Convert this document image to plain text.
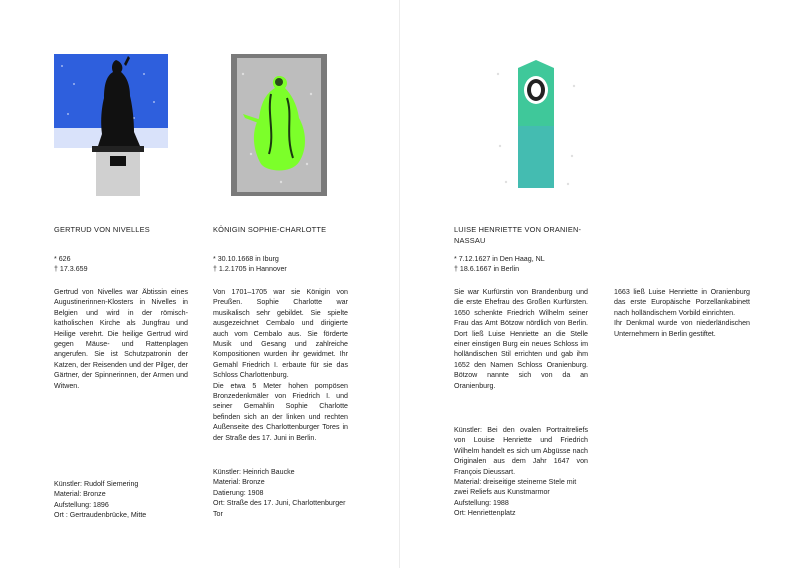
GERTRUD VON NIVELLES
* 626
† 17.3.659
Gertrud von Nivelles war Äbtissin eines Augustinerinnen-Klosters in Nivelles in Belgien und wird in der römisch-katholischen Kirche als Jungfrau und Heilige verehrt. Die heilige Gertrud wird gegen Mäuse- und Rattenplagen angerufen. Sie ist Schutzpatronin der Katzen, der Reisenden und der Pilger, der Gärtner, der Spinnerinnen, der Armen und Witwen.
Künstler: Rudolf Siemering
Material: Bronze
Aufstellung: 1896
Ort : Gertraudenbrücke, Mitte
KÖNIGIN SOPHIE-CHARLOTTE
* 30.10.1668 in Iburg
† 1.2.1705 in Hannover

Von 1701–1705 war sie Königin von Preußen. Sophie Charlotte war musikalisch sehr gebildet. Sie spielte ausgezeichnet Cembalo und dirigierte auch vom Cembalo aus. Sie förderte Musik und Gesang und zahlreiche Kompositionen wurden ihr gewidmet. Ihr Gemahl Friedrich I. erbaute für sie das Schloss Charlottenburg.

Die etwa 5 Meter hohen pompösen Bronzedenkmäler von Friedrich I. und seiner Gemahlin Sophie Charlotte befinden sich an der linken und rechten Außenseite des Charlottenburger Tores in der Straße des 17. Juni in Berlin.

Künstler: Heinrich Baucke
Material: Bronze
Datierung: 1908
Ort: Straße des 17. Juni, Charlottenburger Tor
LUISE HENRIETTE VON ORANIEN-NASSAU
* 7.12.1627 in Den Haag, NL
† 18.6.1667 in Berlin
Sie war Kurfürstin von Brandenburg und die erste Ehefrau des Großen Kurfürsten. 1650 schenkte Friedrich Wilhelm seiner Frau das Amt Bötzow nördlich von Berlin. Dort ließ Luise Henriette an die Stelle einer einstigen Burg ein neues Schloss im holländischen Stil errichten und gab ihm 1652 den Namen Schloss Oranienburg. Bötzow nannte sich von da an Oranienburg.
Künstler: Bei den ovalen Portraitreliefs von Louise Henriette und Friedrich Wilhelm handelt es sich um Abgüsse nach Originalen aus dem Jahr 1647 von François Dieussart.
Material: dreiseitige steinerne Stele mit zwei Reliefs aus Kunstmarmor
Aufstellung: 1988
Ort: Henriettenplatz
1663 ließ Luise Henriette in Oranienburg das erste Europäische Porzellankabinett nach holländischem Vorbild einrichten.
Ihr Denkmal wurde von niederländischen Unternehmern in Berlin gestiftet.
